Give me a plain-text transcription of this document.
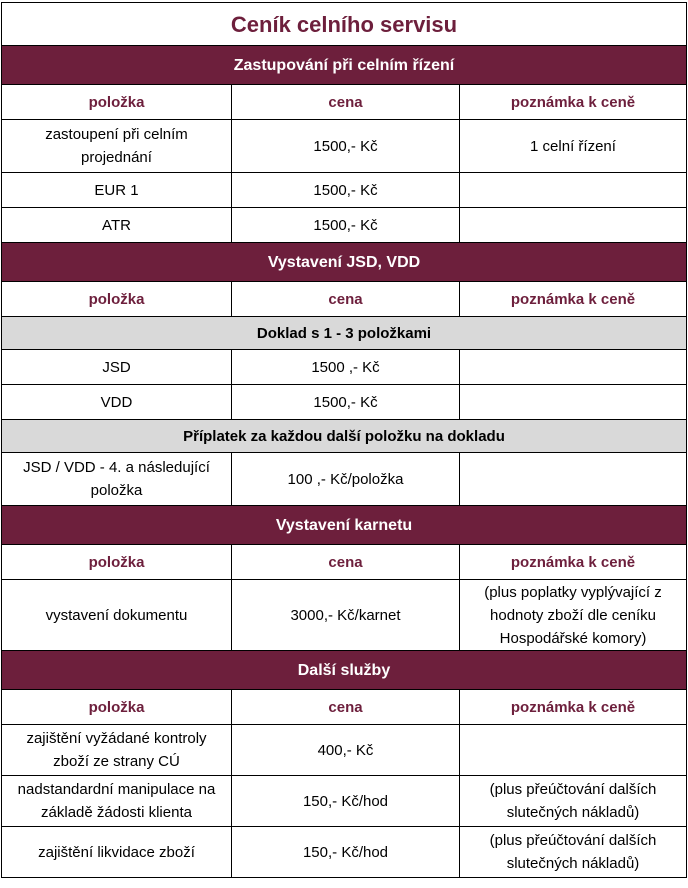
Ceník celního servisu		
Zastupování při celním řízení		
položka	cena	poznámka k ceně
zastoupení při celním
projednání	1500,- Kč	1 celní řízení
EUR 1	1500,- Kč	
ATR	1500,- Kč	
Vystavení JSD, VDD		
položka	cena	poznámka k ceně
Doklad s 1 - 3 položkami		
JSD	1500 ,- Kč	
VDD	1500,- Kč	
Příplatek za každou další položku na dokladu		
JSD / VDD - 4. a následující
položka	100 ,- Kč/položka	
Vystavení karnetu		
položka	cena	poznámka k ceně
vystavení dokumentu	3000,- Kč/karnet	(plus poplatky vyplývající z
hodnoty zboží dle ceníku
Hospodářské komory)
Další služby		
položka	cena	poznámka k ceně
zajištění vyžádané kontroly
zboží ze strany CÚ	400,- Kč	
nadstandardní manipulace na
základě žádosti klienta	150,- Kč/hod	(plus přeúčtování dalších
slutečných nákladů)
zajištění likvidace zboží	150,- Kč/hod	(plus přeúčtování dalších
slutečných nákladů)
